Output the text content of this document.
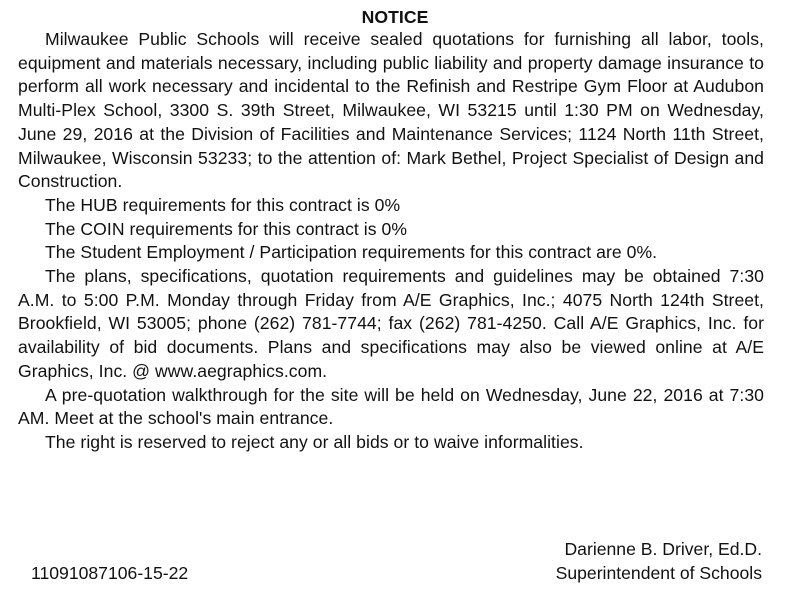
NOTICE

Milwaukee Public Schools will receive sealed quotations for furnishing all labor, tools, equipment and materials necessary, including public liability and property damage insurance to perform all work necessary and incidental to the Refinish and Restripe Gym Floor at Audubon Multi-Plex School, 3300 S. 39th Street, Milwaukee, WI 53215 until 1:30 PM on Wednesday, June 29, 2016 at the Division of Facilities and Maintenance Services; 1124 North 11th Street, Milwaukee, Wisconsin 53233; to the attention of: Mark Bethel, Project Specialist of Design and Construction.

The HUB requirements for this contract is 0%

The COIN requirements for this contract is 0%

The Student Employment / Participation requirements for this contract are 0%.

The plans, specifications, quotation requirements and guidelines may be obtained 7:30 A.M. to 5:00 P.M. Monday through Friday from A/E Graphics, Inc.; 4075 North 124th Street, Brookfield, WI 53005; phone (262) 781-7744; fax (262) 781-4250. Call A/E Graphics, Inc. for availability of bid documents. Plans and specifications may also be viewed online at A/E Graphics, Inc. @ www.aegraphics.com.

A pre-quotation walkthrough for the site will be held on Wednesday, June 22, 2016 at 7:30 AM. Meet at the school's main entrance.

The right is reserved to reject any or all bids or to waive informalities.

Darienne B. Driver, Ed.D.
11091087106-15-22	Superintendent of Schools
